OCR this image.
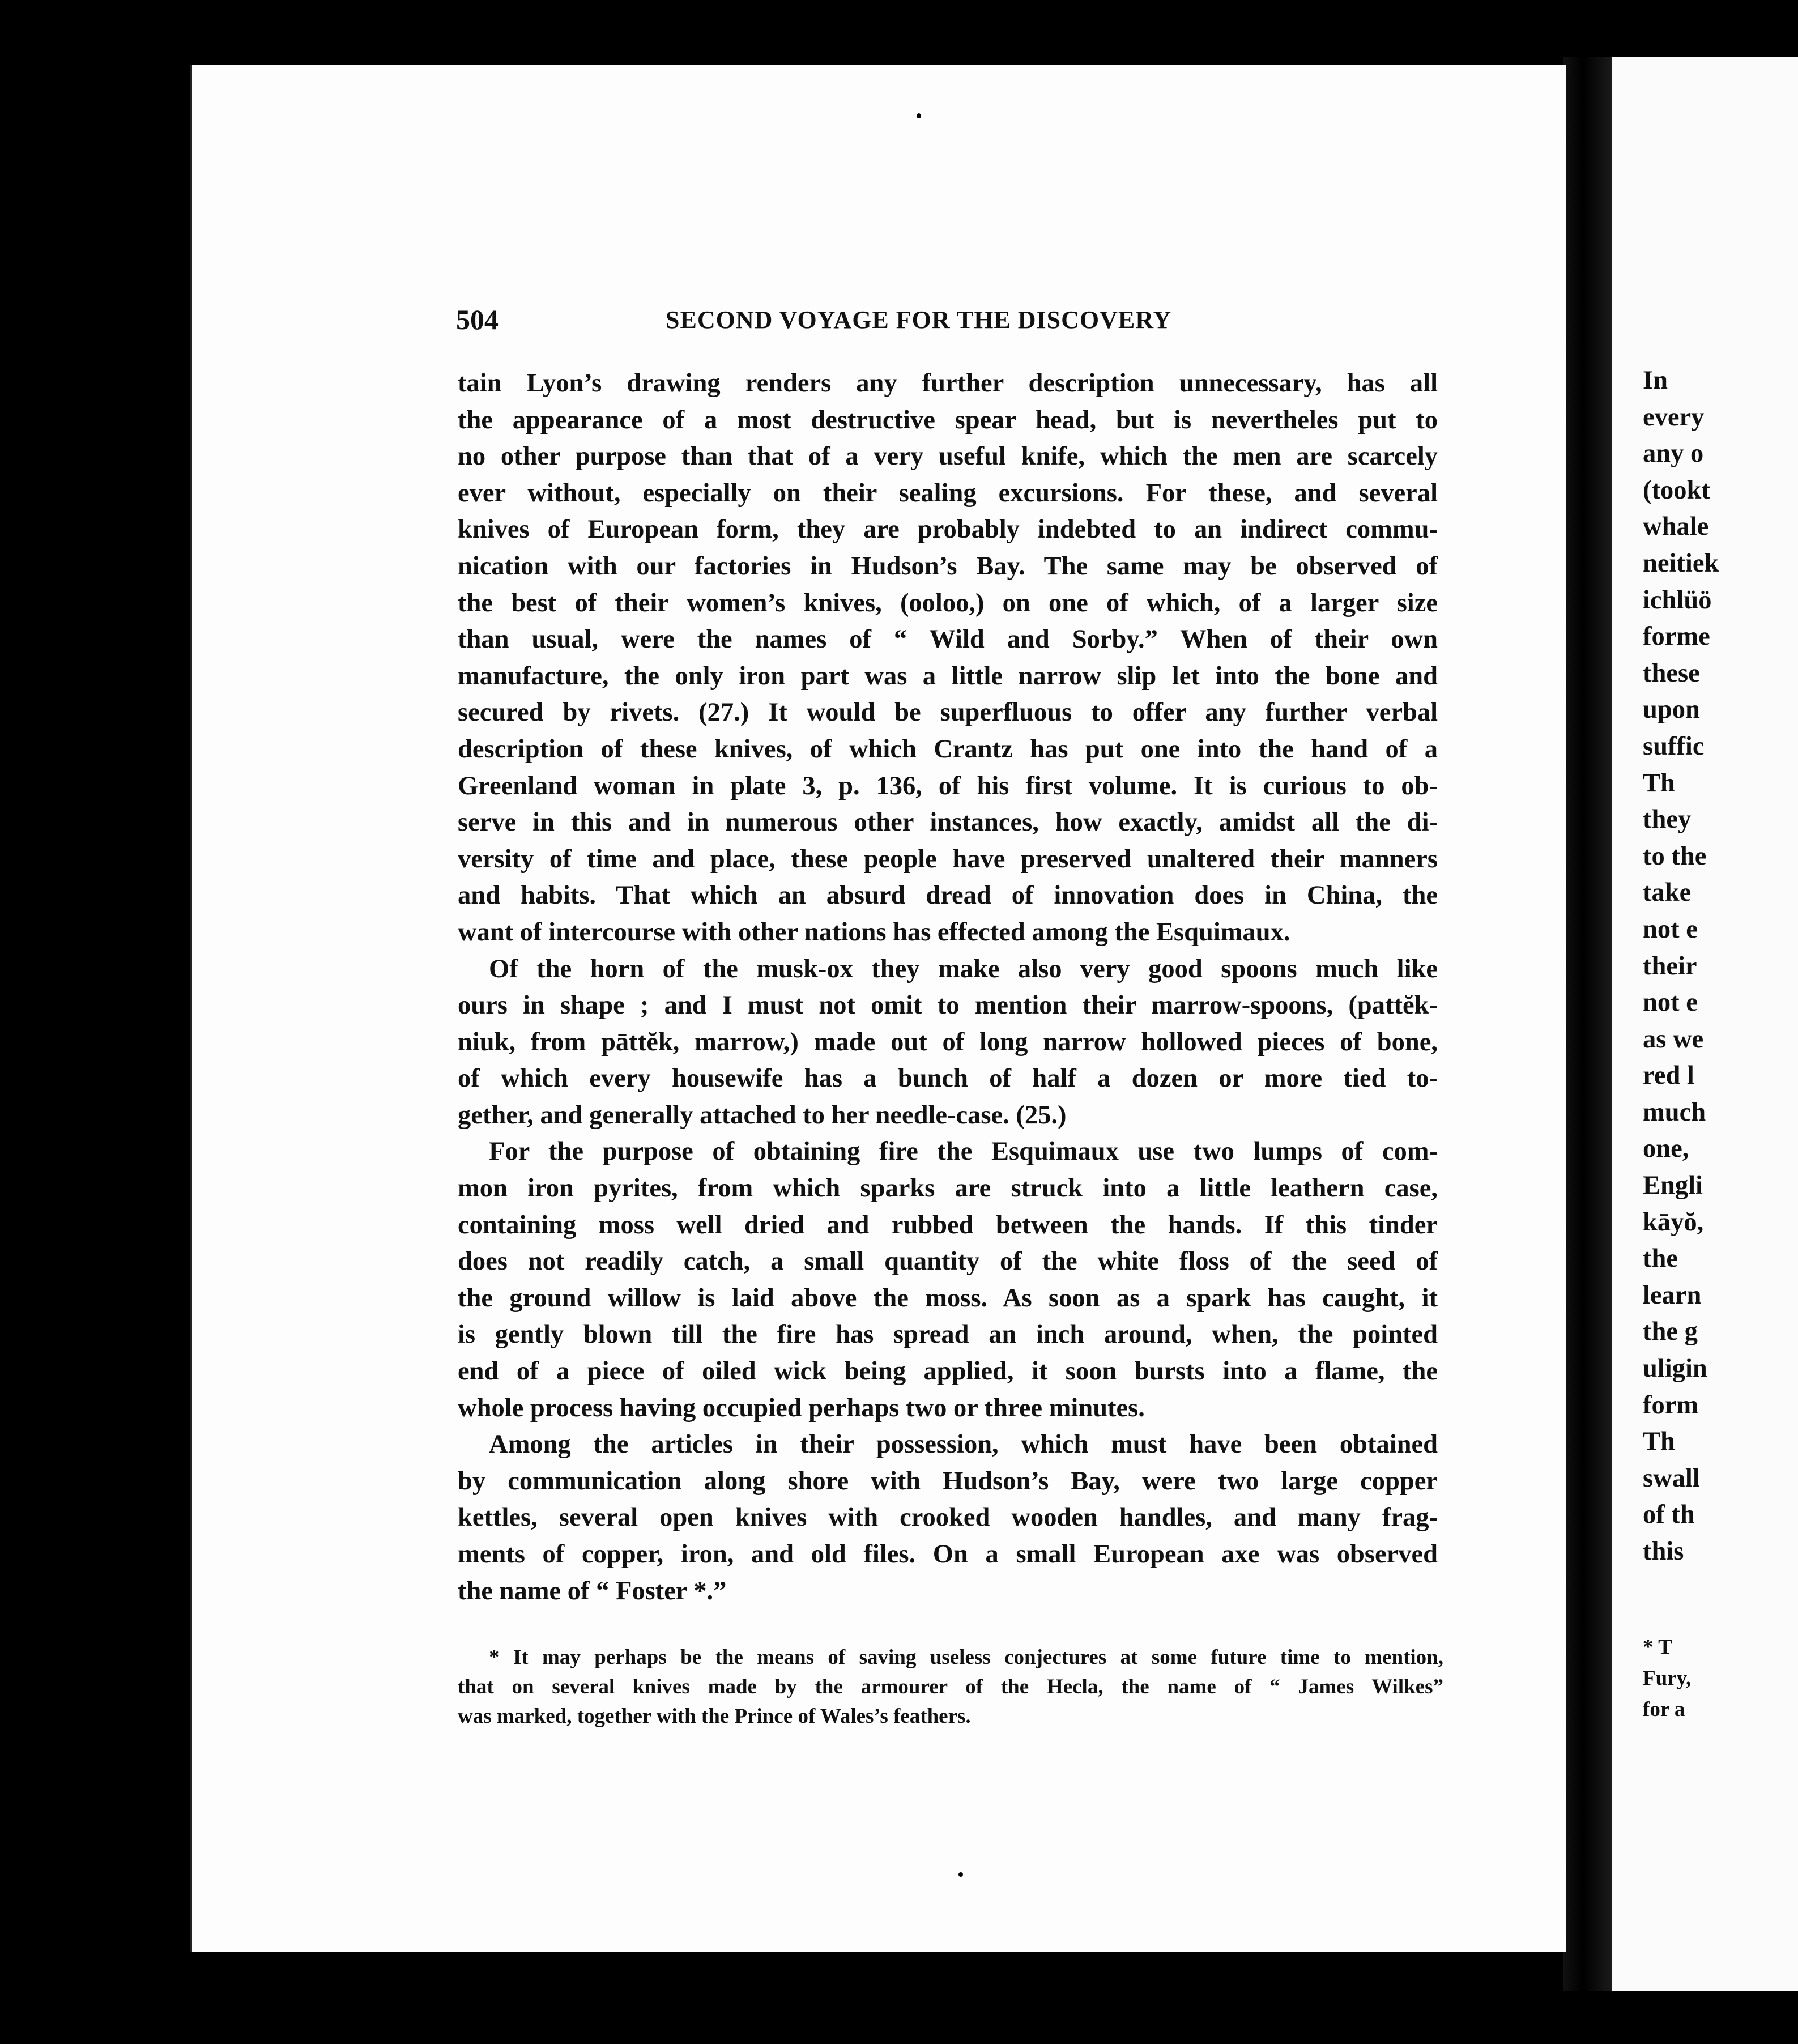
504	SECOND VOYAGE FOR THE DISCOVERY
tain Lyon’s drawing renders any further description unnecessary, has all
the appearance of a most destructive spear head, but is nevertheles put to
no other purpose than that of a very useful knife, which the men are scarcely
ever without, especially on their sealing excursions. For these, and several
knives of European form, they are probably indebted to an indirect commu-
nication with our factories in Hudson’s Bay. The same may be observed of
the best of their women’s knives, (ooloo,) on one of which, of a larger size
than usual, were the names of “ Wild and Sorby.” When of their own
manufacture, the only iron part was a little narrow slip let into the bone and
secured by rivets. (27.) It would be superfluous to offer any further verbal
description of these knives, of which Crantz has put one into the hand of a
Greenland woman in plate 3, p. 136, of his first volume. It is curious to ob-
serve in this and in numerous other instances, how exactly, amidst all the di-
versity of time and place, these people have preserved unaltered their manners
and habits. That which an absurd dread of innovation does in China, the
want of intercourse with other nations has effected among the Esquimaux.
Of the horn of the musk-ox they make also very good spoons much like
ours in shape ; and I must not omit to mention their marrow-spoons, (pattĕk-
niuk, from pāttĕk, marrow,) made out of long narrow hollowed pieces of bone,
of which every housewife has a bunch of half a dozen or more tied to-
gether, and generally attached to her needle-case. (25.)
For the purpose of obtaining fire the Esquimaux use two lumps of com-
mon iron pyrites, from which sparks are struck into a little leathern case,
containing moss well dried and rubbed between the hands. If this tinder
does not readily catch, a small quantity of the white floss of the seed of
the ground willow is laid above the moss. As soon as a spark has caught, it
is gently blown till the fire has spread an inch around, when, the pointed
end of a piece of oiled wick being applied, it soon bursts into a flame, the
whole process having occupied perhaps two or three minutes.
Among the articles in their possession, which must have been obtained
by communication along shore with Hudson’s Bay, were two large copper
kettles, several open knives with crooked wooden handles, and many frag-
ments of copper, iron, and old files. On a small European axe was observed
the name of “ Foster *.”
* It may perhaps be the means of saving useless conjectures at some future time to mention,
that on several knives made by the armourer of the Hecla, the name of “ James Wilkes”
was marked, together with the Prince of Wales’s feathers.
In
every
any o
(tookt
whale
neitiek
ichlüö
forme
these
upon
suffic
Th
they
to the
take
not e
their
not e
as we
red l
much
one,
Engli
kāyŏ,
the
learn
the g
uligin
form
Th
swall
of th
this
* T
Fury,
for a
